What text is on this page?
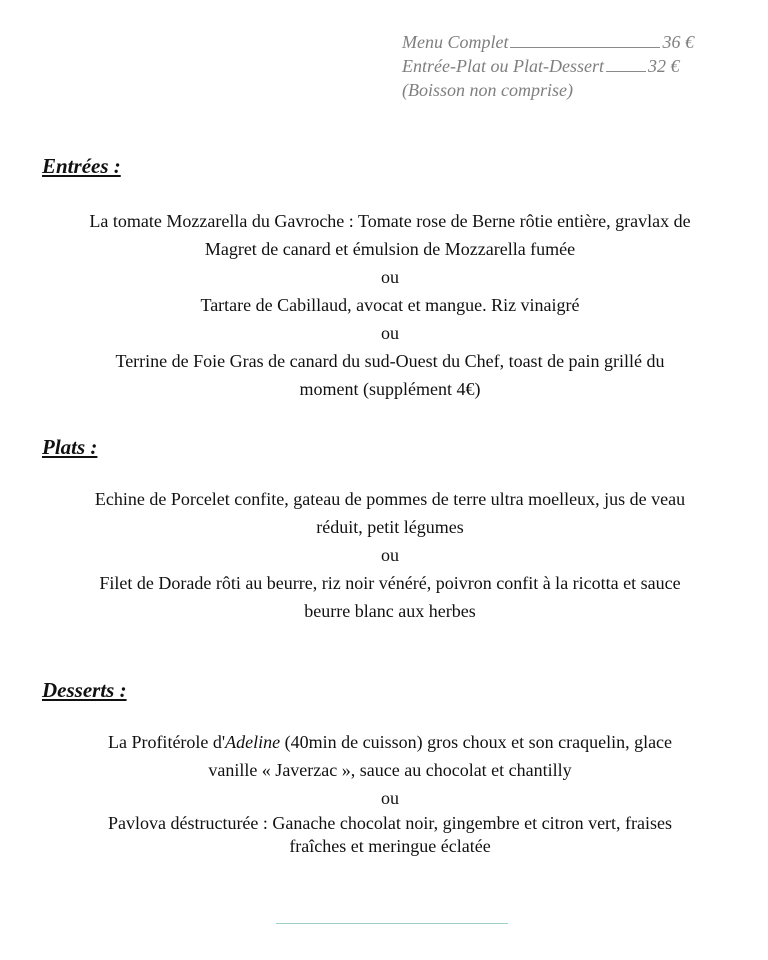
Menu Complet	36 €
Entrée-Plat ou Plat-Dessert 32 €
(Boisson non comprise)
Entrées :
La tomate Mozzarella du Gavroche : Tomate rose de Berne rôtie entière, gravlax de
Magret de canard et émulsion de Mozzarella fumée
ou
Tartare de Cabillaud, avocat et mangue. Riz vinaigré
ou
Terrine de Foie Gras de canard du sud-Ouest du Chef, toast de pain grillé du
moment (supplément 4€)
Plats :
Echine de Porcelet confite, gateau de pommes de terre ultra moelleux, jus de veau
réduit, petit légumes
ou
Filet de Dorade rôti au beurre, riz noir vénéré, poivron confit à la ricotta et sauce
beurre blanc aux herbes
Desserts :
La Profitérole d'Adeline (40min de cuisson) gros choux et son craquelin, glace
vanille « Javerzac », sauce au chocolat et chantilly
ou
Pavlova déstructurée : Ganache chocolat noir, gingembre et citron vert, fraises
fraîches et meringue éclatée
